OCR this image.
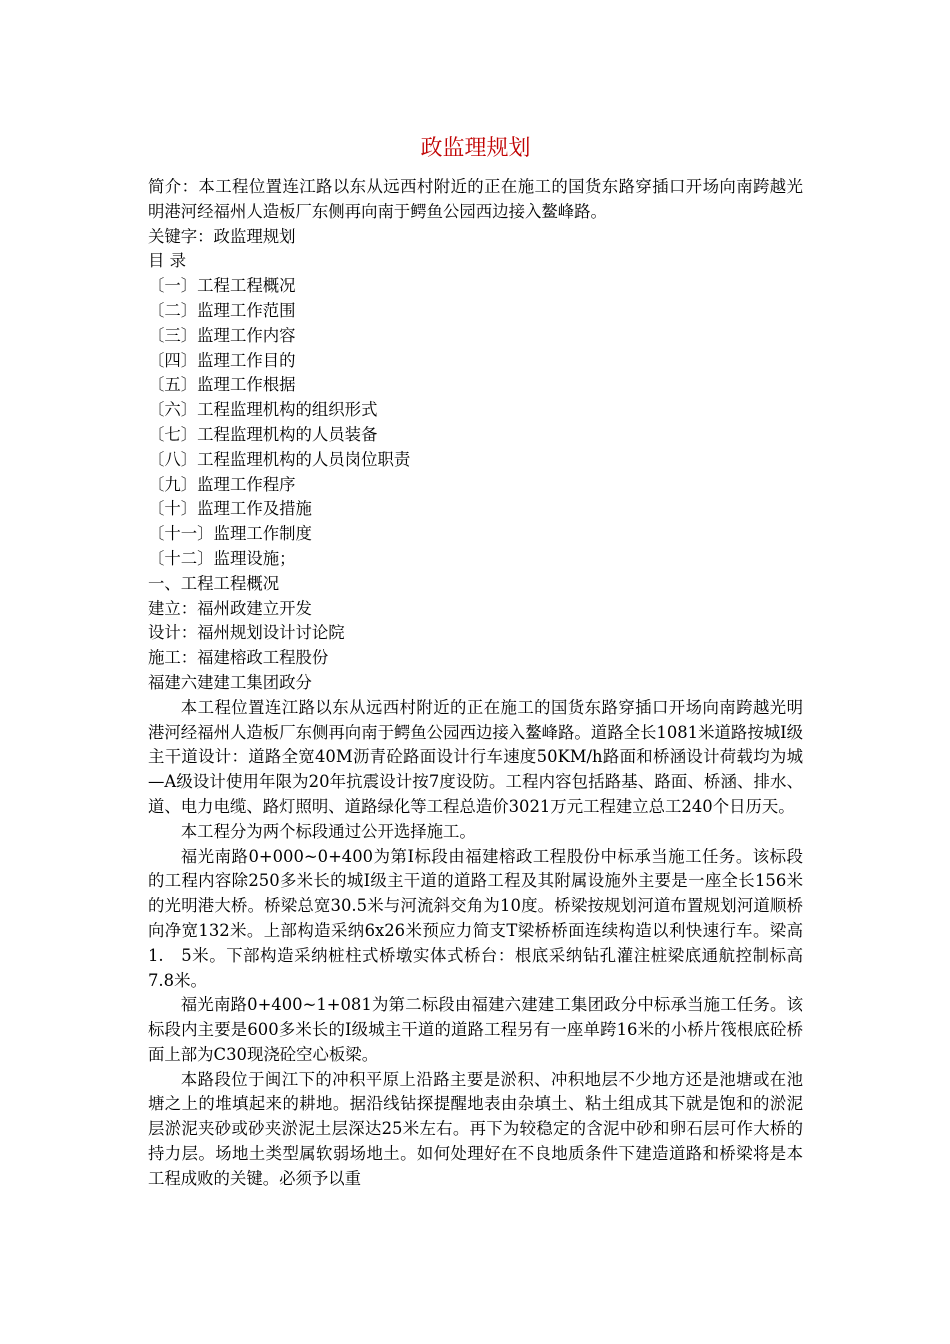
政监理规划

简介：本工程位置连江路以东从远西村附近的正在施工的国货东路穿插口开场向南跨越光明港河经福州人造板厂东侧再向南于鳄鱼公园西边接入鳌峰路。

关键字：政监理规划

目 录

〔一〕工程工程概况

〔二〕监理工作范围

〔三〕监理工作内容

〔四〕监理工作目的

〔五〕监理工作根据

〔六〕工程监理机构的组织形式

〔七〕工程监理机构的人员装备

〔八〕工程监理机构的人员岗位职责

〔九〕监理工作程序

〔十〕监理工作及措施

〔十一〕监理工作制度

〔十二〕监理设施；

一、工程工程概况

建立：福州政建立开发

设计：福州规划设计讨论院

施工：福建榕政工程股份

福建六建建工集团政分

本工程位置连江路以东从远西村附近的正在施工的国货东路穿插口开场向南跨越光明港河经福州人造板厂东侧再向南于鳄鱼公园西边接入鳌峰路。道路全长1081米道路按城Ⅰ级主干道设计：道路全宽40M沥青砼路面设计行车速度50KM/h路面和桥涵设计荷载均为城—A级设计使用年限为20年抗震设计按7度设防。工程内容包括路基、路面、桥涵、排水、道、电力电缆、路灯照明、道路绿化等工程总造价3021万元工程建立总工240个日历天。

本工程分为两个标段通过公开选择施工。

福光南路0+000~0+400为第Ⅰ标段由福建榕政工程股份中标承当施工任务。该标段的工程内容除250多米长的城Ⅰ级主干道的道路工程及其附属设施外主要是一座全长156米的光明港大桥。桥梁总宽30.5米与河流斜交角为10度。桥梁按规划河道布置规划河道顺桥向净宽132米。上部构造采纳6x26米预应力简支T梁桥桥面连续构造以利快速行车。梁高1.　5米。下部构造采纳桩柱式桥墩实体式桥台：根底采纳钻孔灌注桩梁底通航控制标高7.8米。

福光南路0+400~1+081为第二标段由福建六建建工集团政分中标承当施工任务。该标段内主要是600多米长的Ⅰ级城主干道的道路工程另有一座单跨16米的小桥片筏根底砼桥面上部为C30现浇砼空心板梁。

本路段位于闽江下的冲积平原上沿路主要是淤积、冲积地层不少地方还是池塘或在池塘之上的堆填起来的耕地。据沿线钻探提醒地表由杂填土、粘土组成其下就是饱和的淤泥层淤泥夹砂或砂夹淤泥土层深达25米左右。再下为较稳定的含泥中砂和卵石层可作大桥的持力层。场地土类型属软弱场地土。如何处理好在不良地质条件下建造道路和桥梁将是本工程成败的关键。必须予以重
